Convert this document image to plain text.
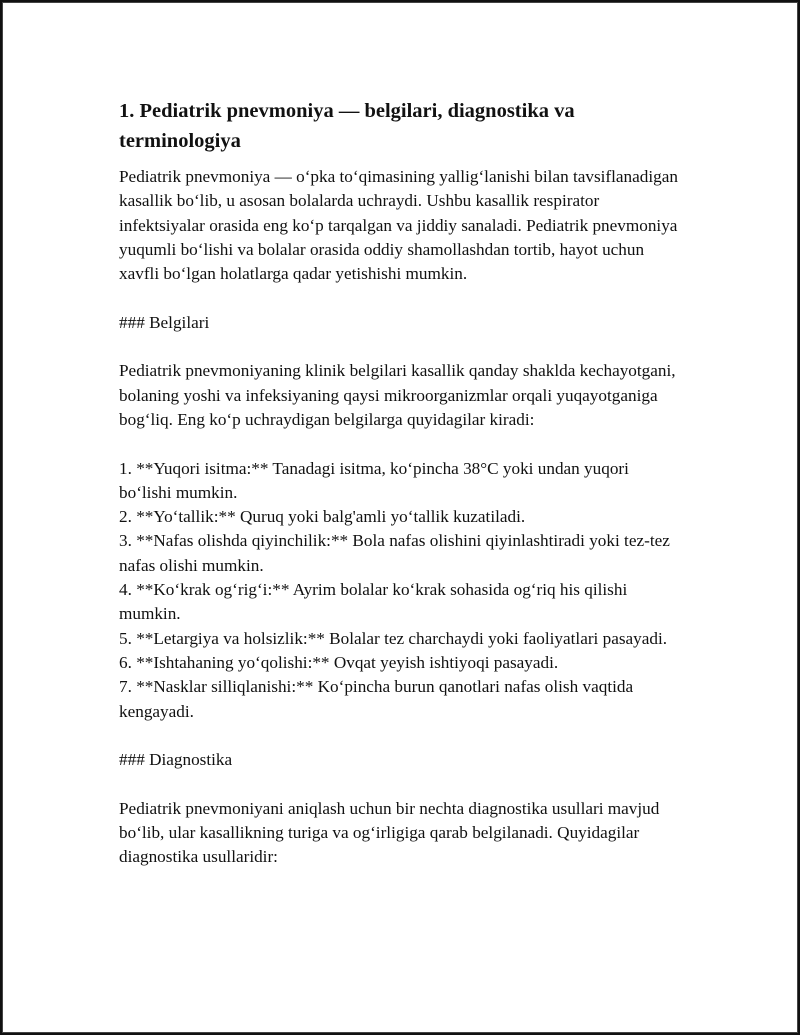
1. Pediatrik pnevmoniya — belgilari, diagnostika va terminologiya

Pediatrik pnevmoniya — o‘pka to‘qimasining yallig‘lanishi bilan tavsiflanadigan kasallik bo‘lib, u asosan bolalarda uchraydi. Ushbu kasallik respirator infektsiyalar orasida eng ko‘p tarqalgan va jiddiy sanaladi. Pediatrik pnevmoniya yuqumli bo‘lishi va bolalar orasida oddiy shamollashdan tortib, hayot uchun xavfli bo‘lgan holatlarga qadar yetishishi mumkin.

### Belgilari

Pediatrik pnevmoniyaning klinik belgilari kasallik qanday shaklda kechayotgani, bolaning yoshi va infeksiyaning qaysi mikroorganizmlar orqali yuqayotganiga bog‘liq. Eng ko‘p uchraydigan belgilarga quyidagilar kiradi:

1. **Yuqori isitma:** Tanadagi isitma, ko‘pincha 38°C yoki undan yuqori bo‘lishi mumkin.

2. **Yo‘tallik:** Quruq yoki balg'amli yo‘tallik kuzatiladi.

3. **Nafas olishda qiyinchilik:** Bola nafas olishini qiyinlashtiradi yoki tez-tez nafas olishi mumkin.

4. **Ko‘krak og‘rig‘i:** Ayrim bolalar ko‘krak sohasida og‘riq his qilishi mumkin.

5. **Letargiya va holsizlik:** Bolalar tez charchaydi yoki faoliyatlari pasayadi.

6. **Ishtahaning yo‘qolishi:** Ovqat yeyish ishtiyoqi pasayadi.

7. **Nasklar silliqlanishi:** Ko‘pincha burun qanotlari nafas olish vaqtida kengayadi.

### Diagnostika

Pediatrik pnevmoniyani aniqlash uchun bir nechta diagnostika usullari mavjud bo‘lib, ular kasallikning turiga va og‘irligiga qarab belgilanadi. Quyidagilar diagnostika usullaridir:
